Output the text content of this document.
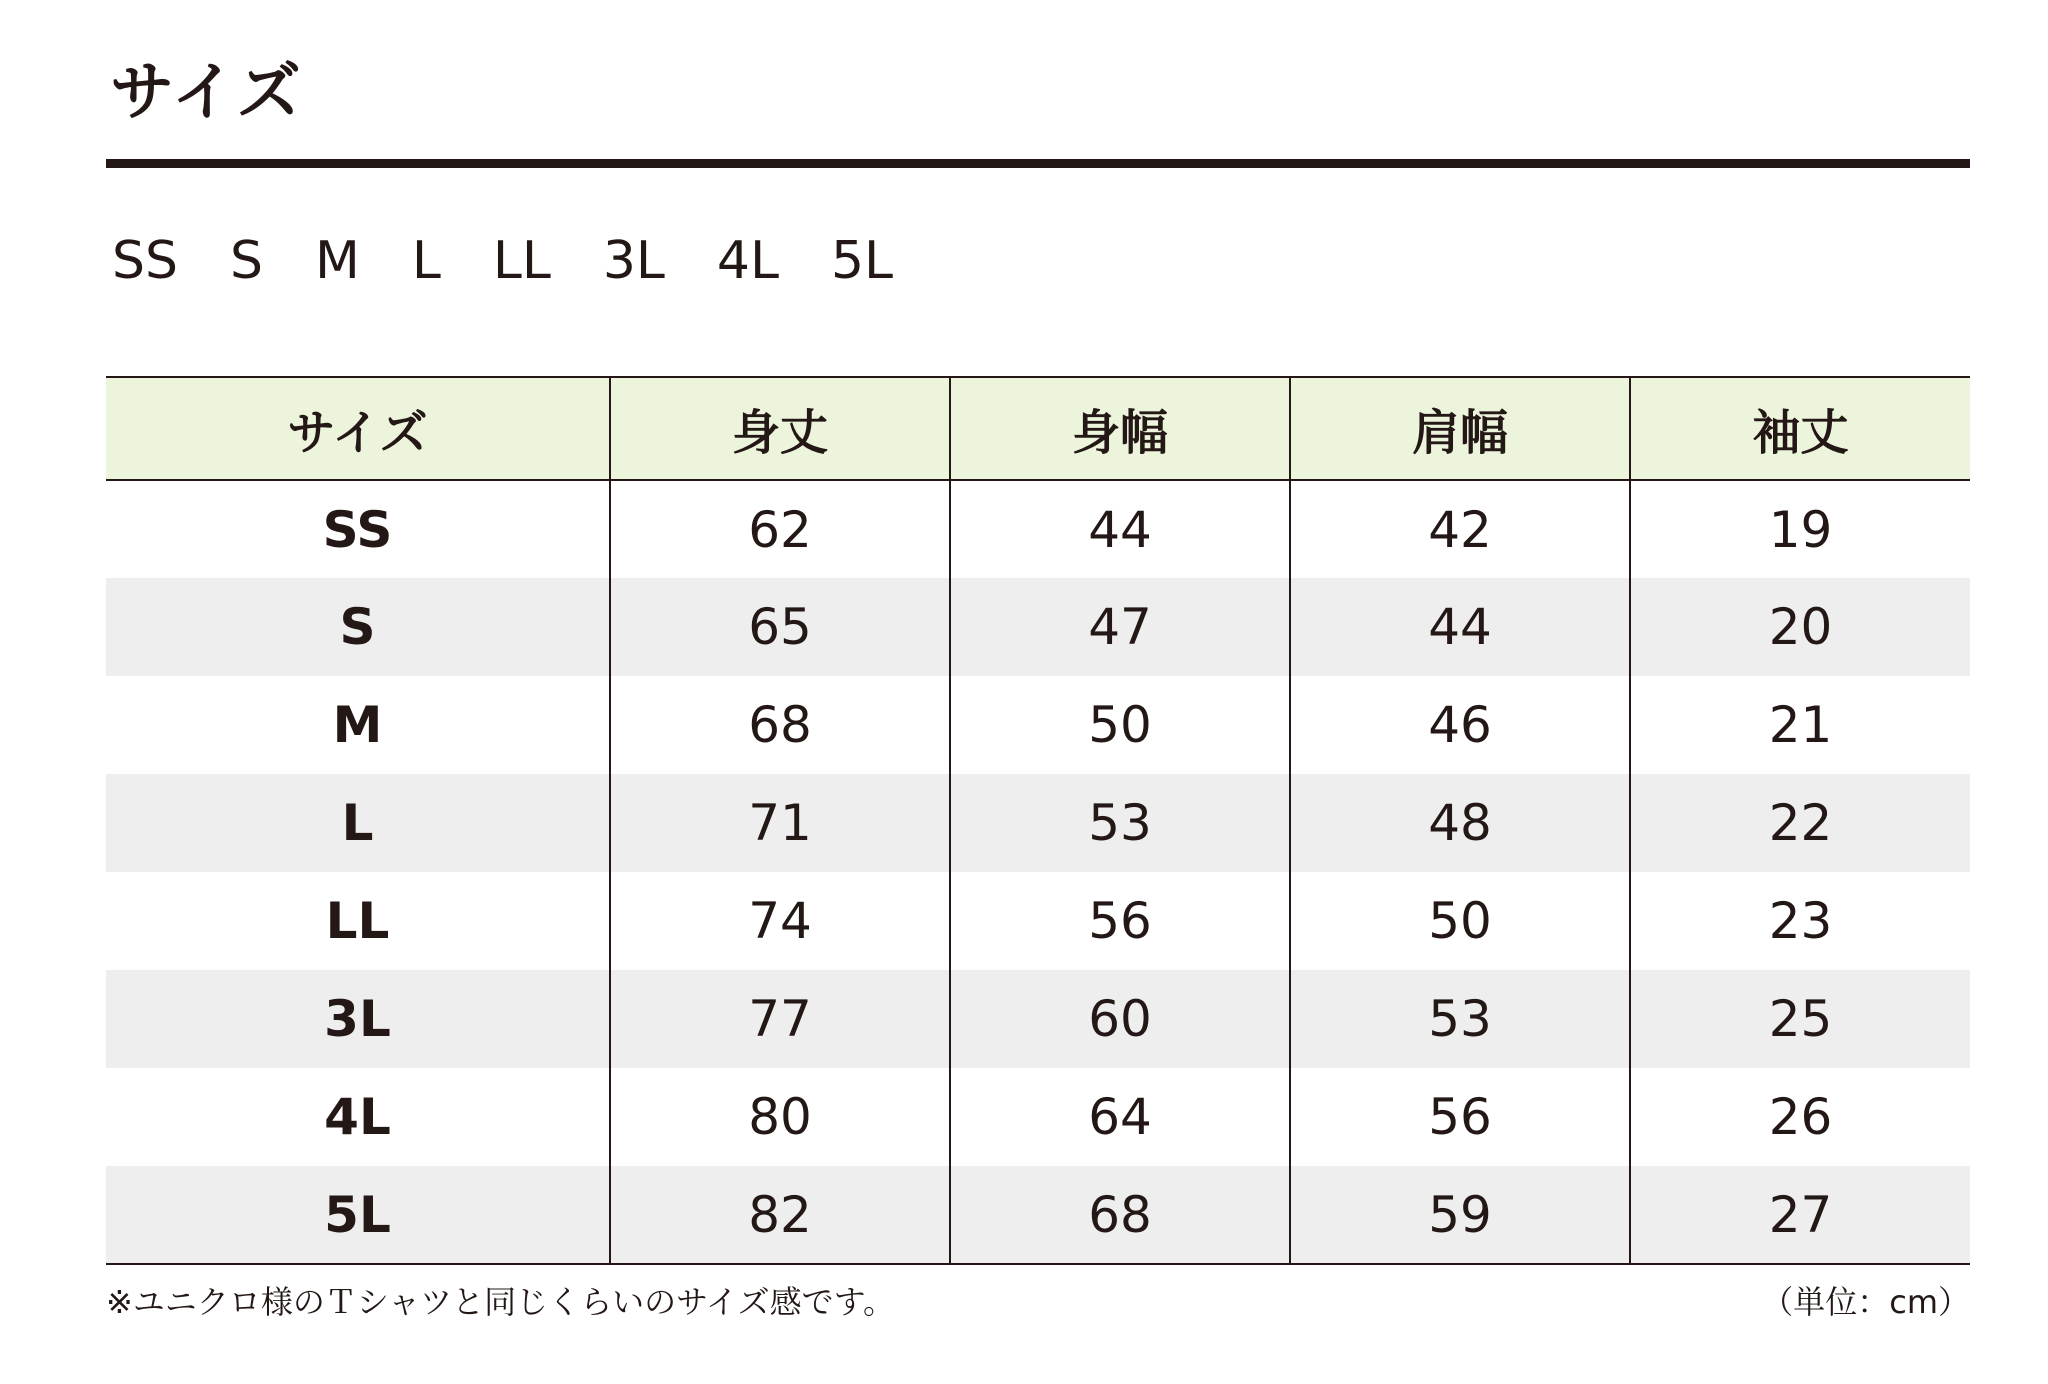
サイズ
SS S M L LL 3L 4L 5L
サイズ	身丈	身幅	肩幅	袖丈
SS	62	44	42	19
S	65	47	44	20
M	68	50	46	21
L	71	53	48	22
LL	74	56	50	23
3L	77	60	53	25
4L	80	64	56	26
5L	82	68	59	27
※ユニクロ様のＴシャツと同じくらいのサイズ感です。	（単位：cm）
